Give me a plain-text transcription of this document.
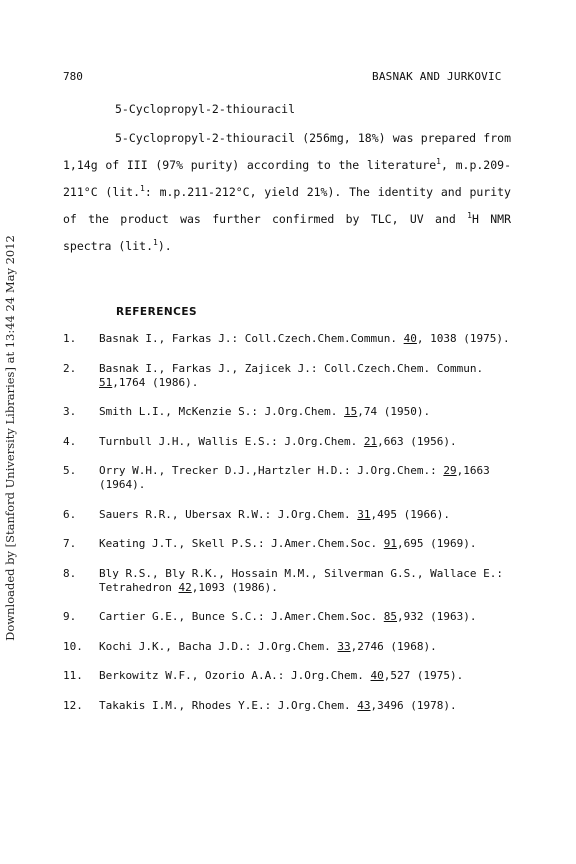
780	BASNAK AND JURKOVIC
Downloaded by [Stanford University Libraries] at 13:44 24 May 2012

5-Cyclopropyl-2-thiouracil

5-Cyclopropyl-2-thiouracil (256mg, 18%) was prepared from 1,14g of III (97% purity) according to the literature$^1$, m.p.209-211°C (lit.$^1$: m.p.211-212°C, yield 21%). The identity and purity of the product was further confirmed by TLC, UV and $^1$H NMR spectra (lit.$^1$).

REFERENCES
1.	Basnak I., Farkas J.: Coll.Czech.Chem.Commun. 40, 1038 (1975).
2.	Basnak I., Farkas J., Zajicek J.: Coll.Czech.Chem. Commun. 51,1764 (1986).
3.	Smith L.I., McKenzie S.: J.Org.Chem. 15,74 (1950).
4.	Turnbull J.H., Wallis E.S.: J.Org.Chem. 21,663 (1956).
5.	Orry W.H., Trecker D.J.,Hartzler H.D.: J.Org.Chem.: 29,1663 (1964).
6.	Sauers R.R., Ubersax R.W.: J.Org.Chem. 31,495 (1966).
7.	Keating J.T., Skell P.S.: J.Amer.Chem.Soc. 91,695 (1969).
8.	Bly R.S., Bly R.K., Hossain M.M., Silverman G.S., Wallace E.: Tetrahedron 42,1093 (1986).
9.	Cartier G.E., Bunce S.C.: J.Amer.Chem.Soc. 85,932 (1963).
10.	Kochi J.K., Bacha J.D.: J.Org.Chem. 33,2746 (1968).
11.	Berkowitz W.F., Ozorio A.A.: J.Org.Chem. 40,527 (1975).
12.	Takakis I.M., Rhodes Y.E.: J.Org.Chem. 43,3496 (1978).
